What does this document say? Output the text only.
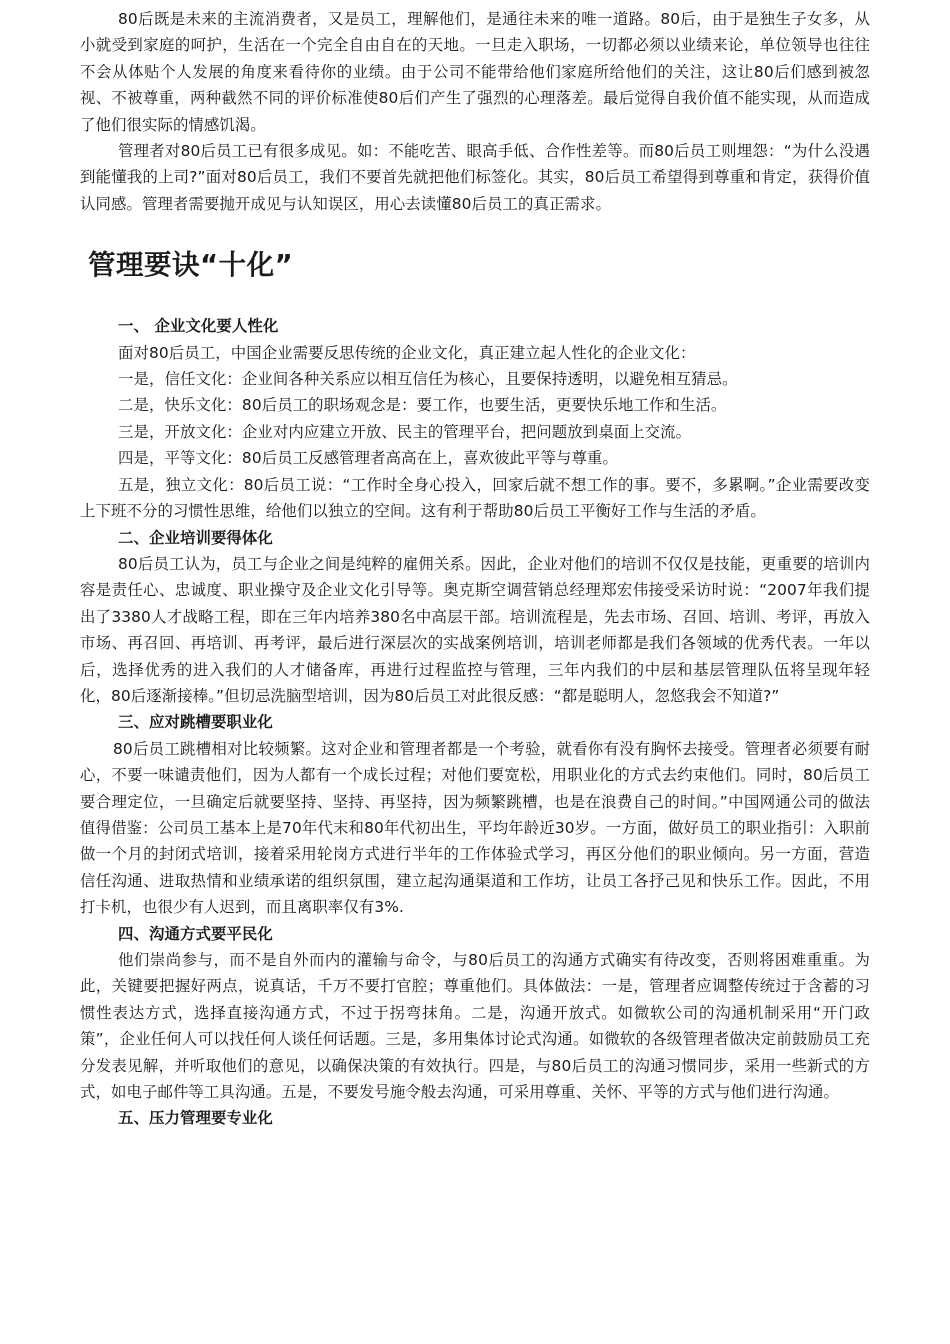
80后既是未来的主流消费者，又是员工，理解他们，是通往未来的唯一道路。80后，由于是独生子女多，从小就受到家庭的呵护，生活在一个完全自由自在的天地。一旦走入职场，一切都必须以业绩来论，单位领导也往往不会从体贴个人发展的角度来看待你的业绩。由于公司不能带给他们家庭所给他们的关注，这让80后们感到被忽视、不被尊重，两种截然不同的评价标准使80后们产生了强烈的心理落差。最后觉得自我价值不能实现，从而造成了他们很实际的情感饥渴。

管理者对80后员工已有很多成见。如：不能吃苦、眼高手低、合作性差等。而80后员工则埋怨：“为什么没遇到能懂我的上司?”面对80后员工，我们不要首先就把他们标签化。其实，80后员工希望得到尊重和肯定，获得价值认同感。管理者需要抛开成见与认知误区，用心去读懂80后员工的真正需求。

管理要诀“十化”

一、 企业文化要人性化

面对80后员工，中国企业需要反思传统的企业文化，真正建立起人性化的企业文化：

一是，信任文化：企业间各种关系应以相互信任为核心，且要保持透明，以避免相互猜忌。

二是，快乐文化：80后员工的职场观念是：要工作，也要生活，更要快乐地工作和生活。

三是，开放文化：企业对内应建立开放、民主的管理平台，把问题放到桌面上交流。

四是，平等文化：80后员工反感管理者高高在上，喜欢彼此平等与尊重。

五是，独立文化：80后员工说：“工作时全身心投入，回家后就不想工作的事。要不，多累啊。”企业需要改变上下班不分的习惯性思维，给他们以独立的空间。这有利于帮助80后员工平衡好工作与生活的矛盾。

二、企业培训要得体化

80后员工认为，员工与企业之间是纯粹的雇佣关系。因此，企业对他们的培训不仅仅是技能，更重要的培训内容是责任心、忠诚度、职业操守及企业文化引导等。奥克斯空调营销总经理郑宏伟接受采访时说：“2007年我们提出了3380人才战略工程，即在三年内培养380名中高层干部。培训流程是，先去市场、召回、培训、考评，再放入市场、再召回、再培训、再考评，最后进行深层次的实战案例培训，培训老师都是我们各领域的优秀代表。一年以后，选择优秀的进入我们的人才储备库，再进行过程监控与管理，三年内我们的中层和基层管理队伍将呈现年轻化，80后逐渐接棒。”但切忌洗脑型培训，因为80后员工对此很反感：“都是聪明人，忽悠我会不知道?”

三、应对跳槽要职业化

80后员工跳槽相对比较频繁。这对企业和管理者都是一个考验，就看你有没有胸怀去接受。管理者必须要有耐心，不要一味谴责他们，因为人都有一个成长过程；对他们要宽松，用职业化的方式去约束他们。同时，80后员工要合理定位，一旦确定后就要坚持、坚持、再坚持，因为频繁跳槽，也是在浪费自己的时间。”中国网通公司的做法值得借鉴：公司员工基本上是70年代末和80年代初出生，平均年龄近30岁。一方面，做好员工的职业指引：入职前做一个月的封闭式培训，接着采用轮岗方式进行半年的工作体验式学习，再区分他们的职业倾向。另一方面，营造信任沟通、进取热情和业绩承诺的组织氛围，建立起沟通渠道和工作坊，让员工各抒己见和快乐工作。因此，不用打卡机，也很少有人迟到，而且离职率仅有3%.

四、沟通方式要平民化

他们崇尚参与，而不是自外而内的灌输与命令，与80后员工的沟通方式确实有待改变，否则将困难重重。为此，关键要把握好两点，说真话，千万不要打官腔；尊重他们。具体做法：一是，管理者应调整传统过于含蓄的习惯性表达方式，选择直接沟通方式，不过于拐弯抹角。二是，沟通开放式。如微软公司的沟通机制采用“开门政策”，企业任何人可以找任何人谈任何话题。三是，多用集体讨论式沟通。如微软的各级管理者做决定前鼓励员工充分发表见解，并听取他们的意见，以确保决策的有效执行。四是，与80后员工的沟通习惯同步，采用一些新式的方式，如电子邮件等工具沟通。五是，不要发号施令般去沟通，可采用尊重、关怀、平等的方式与他们进行沟通。

五、压力管理要专业化
